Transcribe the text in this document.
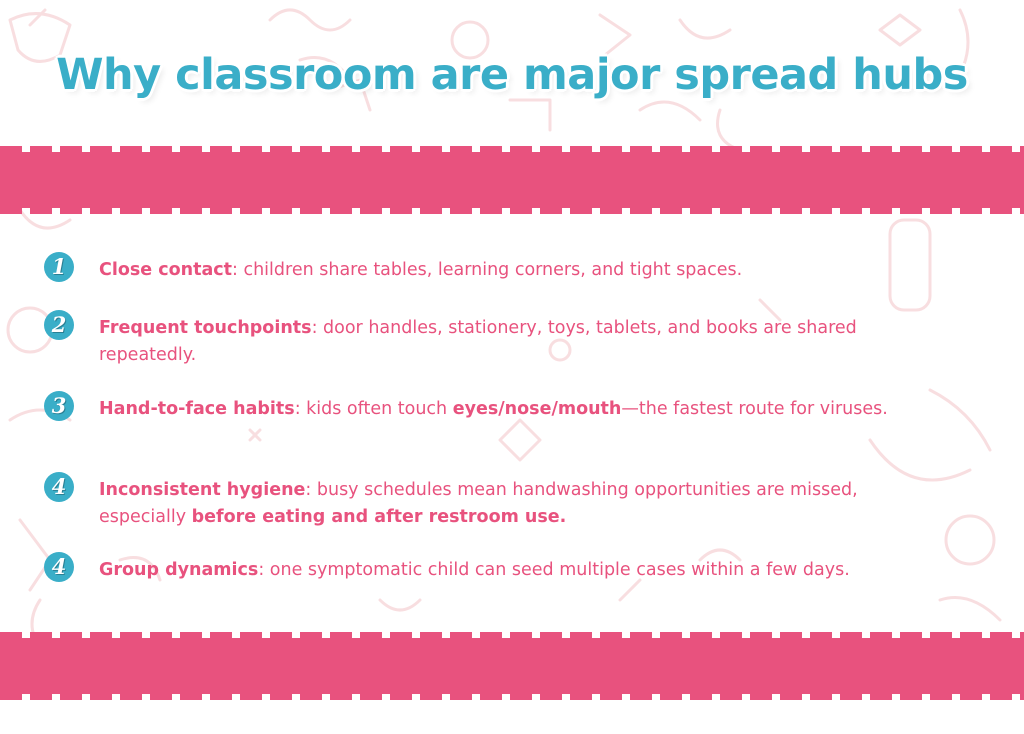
Why classroom are major spread hubs
1	Close contact: children share tables, learning corners, and tight spaces.
2	Frequent touchpoints: door handles, stationery, toys, tablets, and books are shared repeatedly.
3	Hand-to-face habits: kids often touch eyes/nose/mouth—the fastest route for viruses.
4	Inconsistent hygiene: busy schedules mean handwashing opportunities are missed, especially before eating and after restroom use.
4	Group dynamics: one symptomatic child can seed multiple cases within a few days.
